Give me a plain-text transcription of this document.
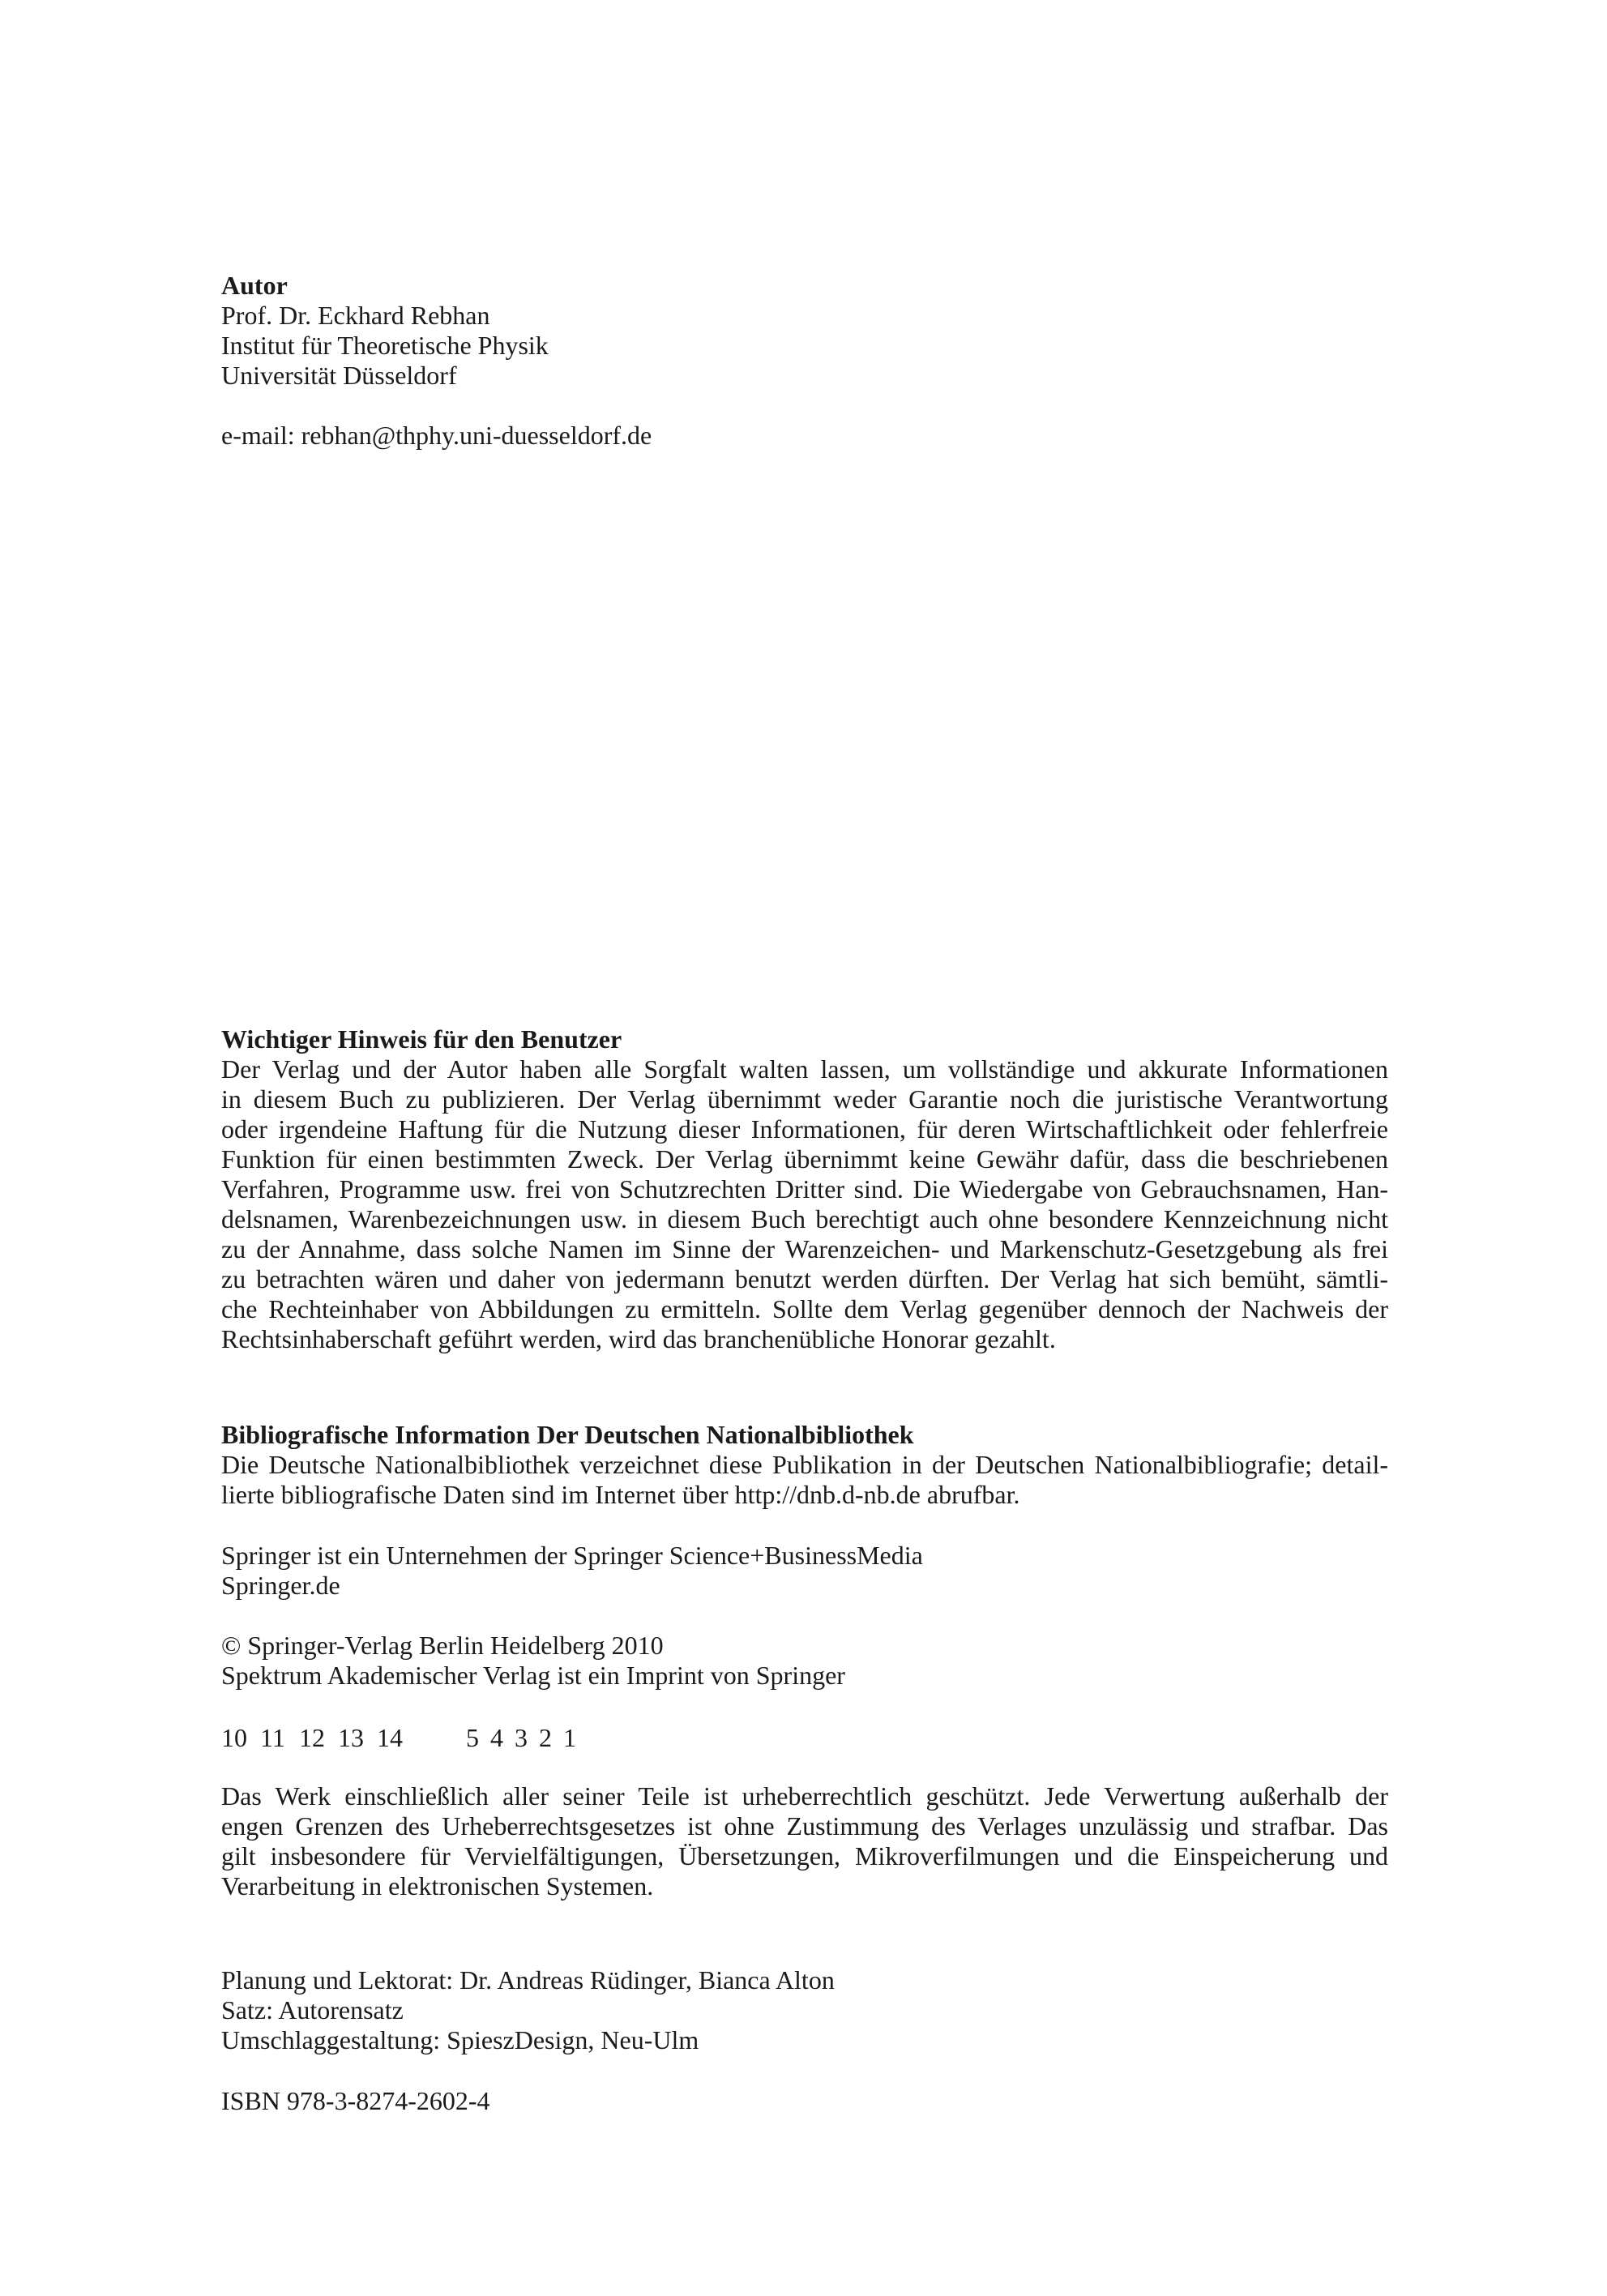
Autor
Prof. Dr. Eckhard Rebhan
Institut für Theoretische Physik
Universität Düsseldorf
e-mail: rebhan@thphy.uni-duesseldorf.de
Wichtiger Hinweis für den Benutzer
Der Verlag und der Autor haben alle Sorgfalt walten lassen, um vollständige und akkurate Informationen
in diesem Buch zu publizieren. Der Verlag übernimmt weder Garantie noch die juristische Verantwortung
oder irgendeine Haftung für die Nutzung dieser Informationen, für deren Wirtschaftlichkeit oder fehlerfreie
Funktion für einen bestimmten Zweck. Der Verlag übernimmt keine Gewähr dafür, dass die beschriebenen
Verfahren, Programme usw. frei von Schutzrechten Dritter sind. Die Wiedergabe von Gebrauchsnamen, Han-
delsnamen, Warenbezeichnungen usw. in diesem Buch berechtigt auch ohne besondere Kennzeichnung nicht
zu der Annahme, dass solche Namen im Sinne der Warenzeichen- und Markenschutz-Gesetzgebung als frei
zu betrachten wären und daher von jedermann benutzt werden dürften. Der Verlag hat sich bemüht, sämtli-
che Rechteinhaber von Abbildungen zu ermitteln. Sollte dem Verlag gegenüber dennoch der Nachweis der
Rechtsinhaberschaft geführt werden, wird das branchenübliche Honorar gezahlt.
Bibliografische Information Der Deutschen Nationalbibliothek
Die Deutsche Nationalbibliothek verzeichnet diese Publikation in der Deutschen Nationalbibliografie; detail-
lierte bibliografische Daten sind im Internet über http://dnb.d-nb.de abrufbar.
Springer ist ein Unternehmen der Springer Science+BusinessMedia
Springer.de
© Springer-Verlag Berlin Heidelberg 2010
Spektrum Akademischer Verlag ist ein Imprint von Springer
10 11 12 13 14 5 4 3 2 1
Das Werk einschließlich aller seiner Teile ist urheberrechtlich geschützt. Jede Verwertung außerhalb der
engen Grenzen des Urheberrechtsgesetzes ist ohne Zustimmung des Verlages unzulässig und strafbar. Das
gilt insbesondere für Vervielfältigungen, Übersetzungen, Mikroverfilmungen und die Einspeicherung und
Verarbeitung in elektronischen Systemen.
Planung und Lektorat: Dr. Andreas Rüdinger, Bianca Alton
Satz: Autorensatz
Umschlaggestaltung: SpieszDesign, Neu-Ulm
ISBN 978-3-8274-2602-4
